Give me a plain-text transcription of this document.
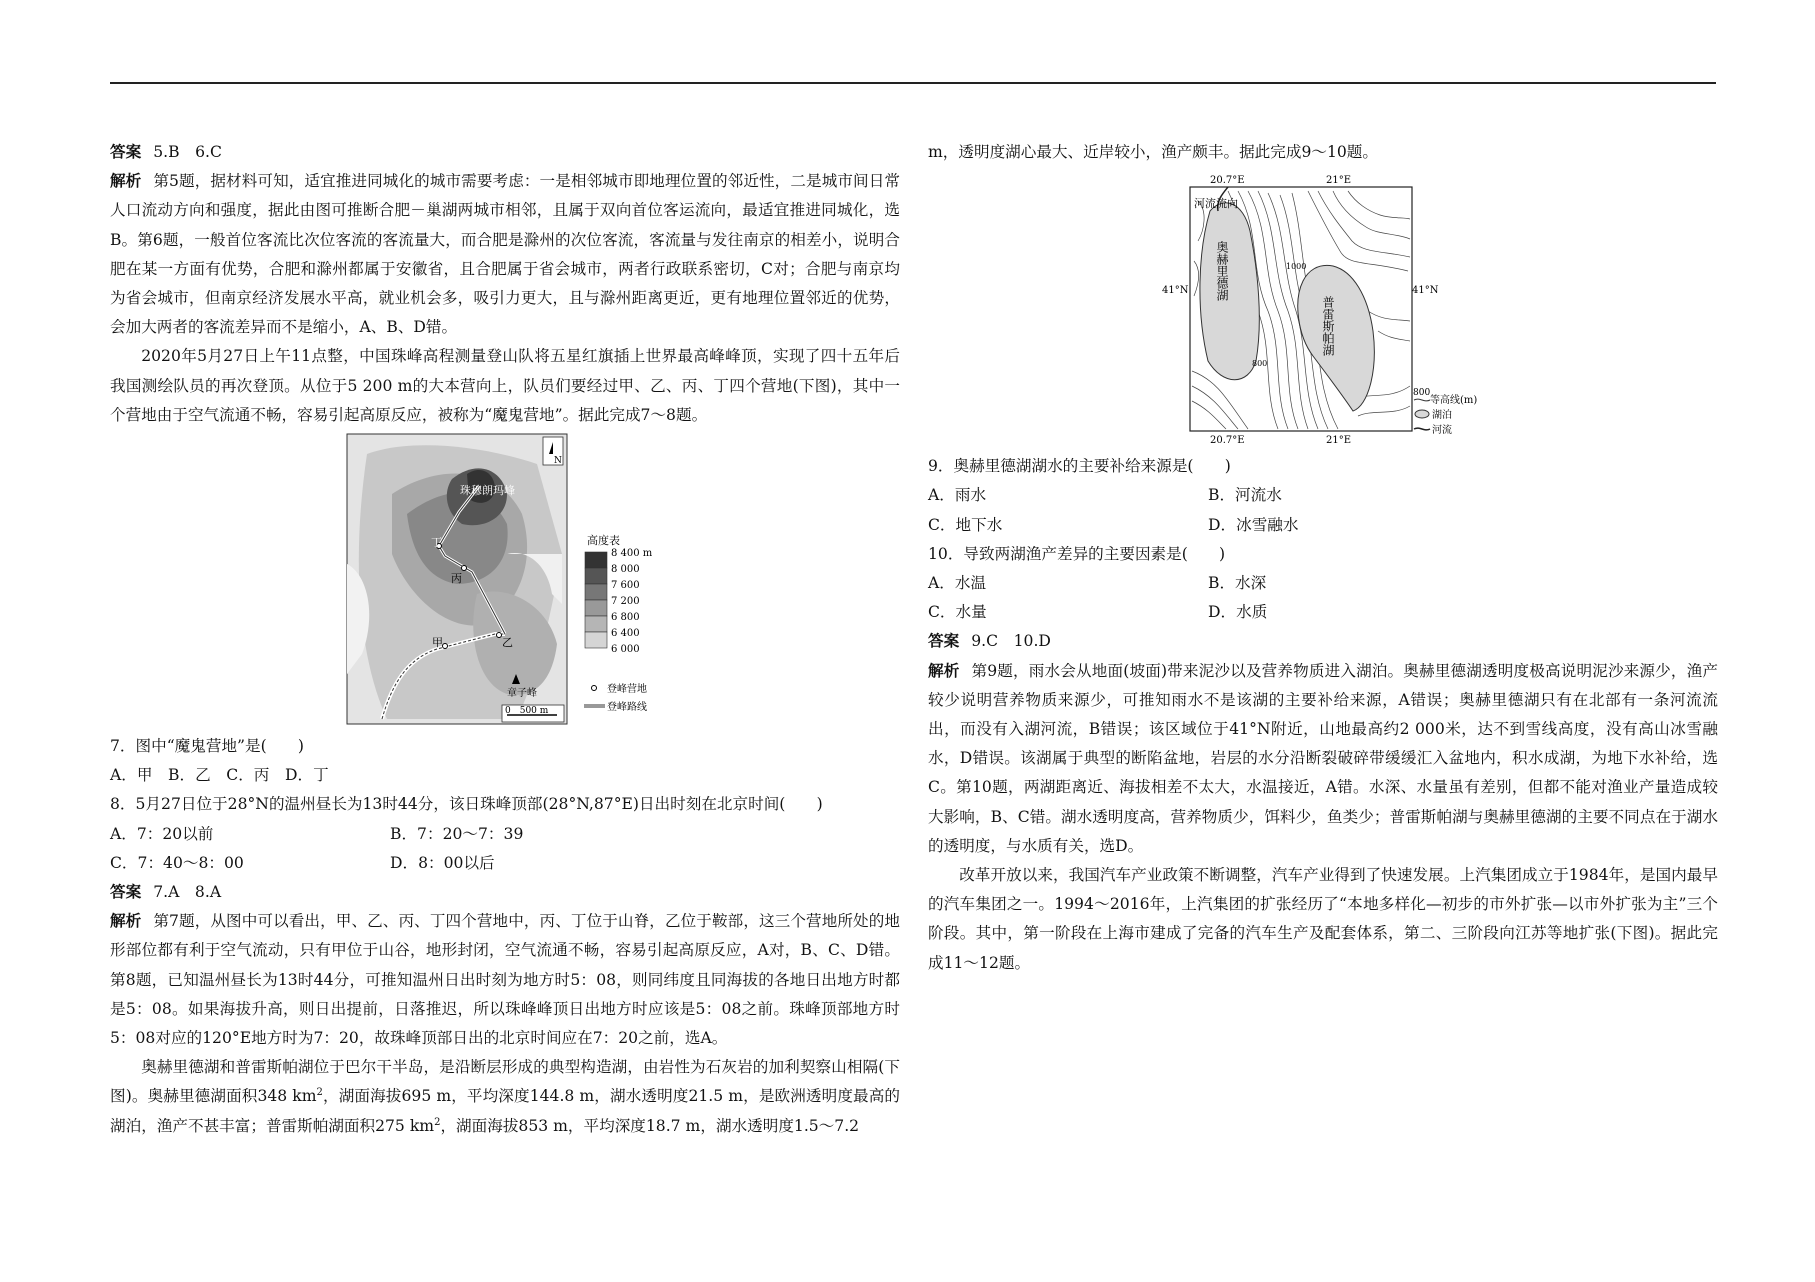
答案 5.B　6.C

解析 第5题，据材料可知，适宜推进同城化的城市需要考虑：一是相邻城市即地理位置的邻近性，二是城市间日常人口流动方向和强度，据此由图可推断合肥－巢湖两城市相邻，且属于双向首位客运流向，最适宜推进同城化，选B。第6题，一般首位客流比次位客流的客流量大，而合肥是滁州的次位客流，客流量与发往南京的相差小，说明合肥在某一方面有优势，合肥和滁州都属于安徽省，且合肥属于省会城市，两者行政联系密切，C对；合肥与南京均为省会城市，但南京经济发展水平高，就业机会多，吸引力更大，且与滁州距离更近，更有地理位置邻近的优势，会加大两者的客流差异而不是缩小，A、B、D错。

2020年5月27日上午11点整，中国珠峰高程测量登山队将五星红旗插上世界最高峰峰顶，实现了四十五年后我国测绘队员的再次登顶。从位于5 200 m的大本营向上，队员们要经过甲、乙、丙、丁四个营地(下图)，其中一个营地由于空气流通不畅，容易引起高原反应，被称为“魔鬼营地”。据此完成7～8题。

珠穆朗玛峰
甲	乙
丙
丁
章子峰
N
0　500 m
高度表
8 400 m
8 000
7 600
7 200
6 800
6 400
6 000
登峰营地
登峰路线

7．图中“魔鬼营地”是(　　)

A．甲　B．乙　C．丙　D．丁

8．5月27日位于28°N的温州昼长为13时44分，该日珠峰顶部(28°N,87°E)日出时刻在北京时间(　　)

A．7：20以前	B．7：20～7：39
C．7：40～8：00	D．8：00以后

答案 7.A　8.A

解析 第7题，从图中可以看出，甲、乙、丙、丁四个营地中，丙、丁位于山脊，乙位于鞍部，这三个营地所处的地形部位都有利于空气流动，只有甲位于山谷，地形封闭，空气流通不畅，容易引起高原反应，A对，B、C、D错。第8题，已知温州昼长为13时44分，可推知温州日出时刻为地方时5：08，则同纬度且同海拔的各地日出地方时都是5：08。如果海拔升高，则日出提前，日落推迟，所以珠峰峰顶日出地方时应该是5：08之前。珠峰顶部地方时5：08对应的120°E地方时为7：20，故珠峰顶部日出的北京时间应在7：20之前，选A。

奥赫里德湖和普雷斯帕湖位于巴尔干半岛，是沿断层形成的典型构造湖，由岩性为石灰岩的加利契察山相隔(下图)。奥赫里德湖面积348 $km^2$，湖面海拔695 m，平均深度144.8 m，湖水透明度21.5 m，是欧洲透明度最高的湖泊，渔产不甚丰富；普雷斯帕湖面积275 $km^2$，湖面海拔853 m，平均深度18.7 m，湖水透明度1.5～7.2

m，透明度湖心最大、近岸较小，渔产颇丰。据此完成9～10题。

20.7°E	21°E
20.7°E	21°E
41°N	41°N
河流流向
奥赫里德湖
普雷斯帕湖
800
1000
800
等高线(m)
湖泊
河流

9．奥赫里德湖湖水的主要补给来源是(　　)

A．雨水	B．河流水
C．地下水	D．冰雪融水

10．导致两湖渔产差异的主要因素是(　　)

A．水温	B．水深
C．水量	D．水质

答案 9.C　10.D

解析 第9题，雨水会从地面(坡面)带来泥沙以及营养物质进入湖泊。奥赫里德湖透明度极高说明泥沙来源少，渔产较少说明营养物质来源少，可推知雨水不是该湖的主要补给来源，A错误；奥赫里德湖只有在北部有一条河流流出，而没有入湖河流，B错误；该区域位于41°N附近，山地最高约2 000米，达不到雪线高度，没有高山冰雪融水，D错误。该湖属于典型的断陷盆地，岩层的水分沿断裂破碎带缓缓汇入盆地内，积水成湖，为地下水补给，选C。第10题，两湖距离近、海拔相差不太大，水温接近，A错。水深、水量虽有差别，但都不能对渔业产量造成较大影响，B、C错。湖水透明度高，营养物质少，饵料少，鱼类少；普雷斯帕湖与奥赫里德湖的主要不同点在于湖水的透明度，与水质有关，选D。

改革开放以来，我国汽车产业政策不断调整，汽车产业得到了快速发展。上汽集团成立于1984年，是国内最早的汽车集团之一。1994～2016年，上汽集团的扩张经历了“本地多样化—初步的市外扩张—以市外扩张为主”三个阶段。其中，第一阶段在上海市建成了完备的汽车生产及配套体系，第二、三阶段向江苏等地扩张(下图)。据此完成11～12题。
